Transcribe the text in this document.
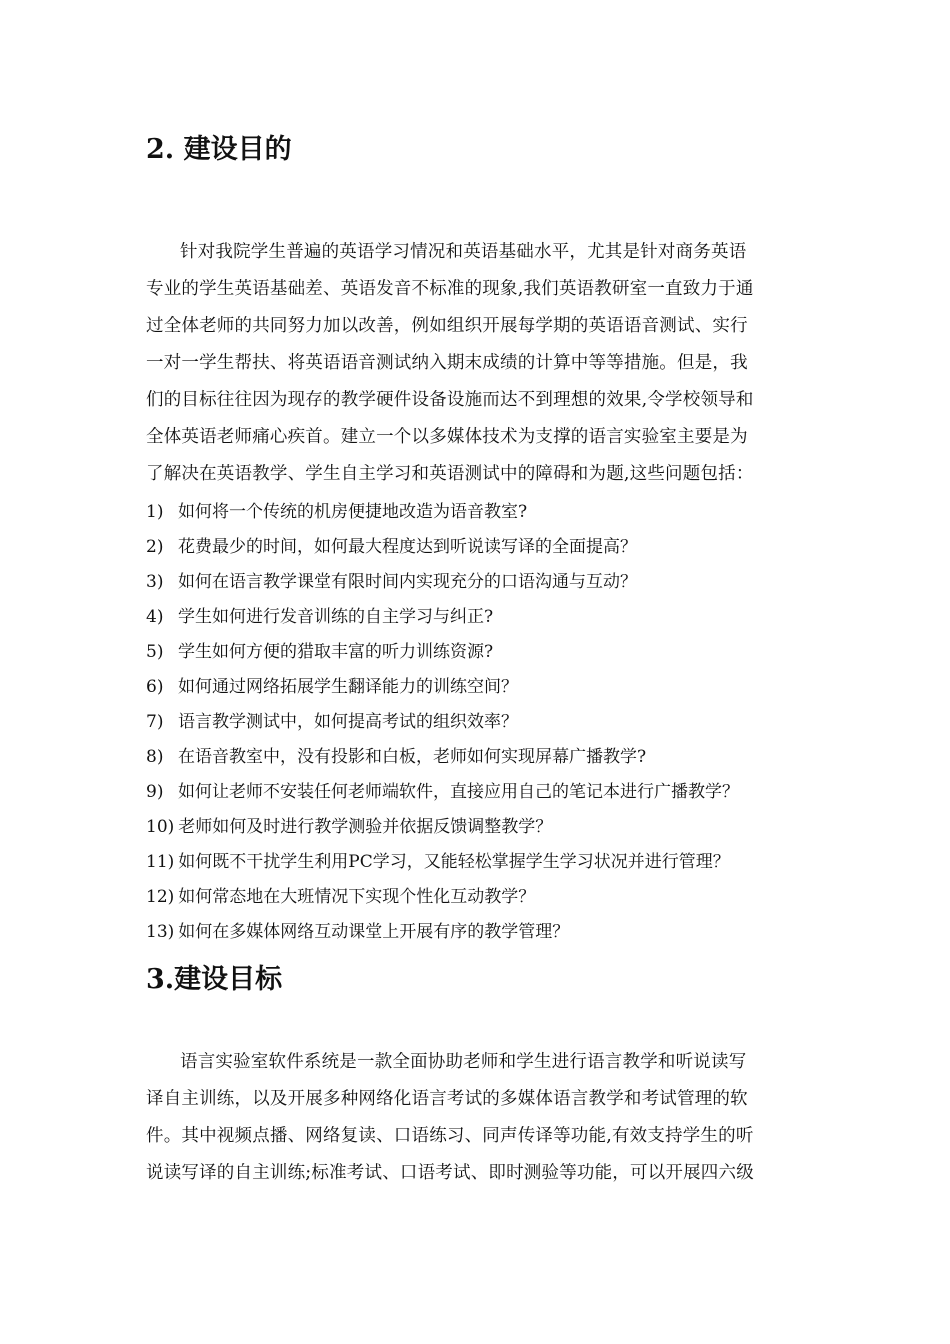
2. 建设目的
针对我院学生普遍的英语学习情况和英语基础水平，尤其是针对商务英语
专业的学生英语基础差、英语发音不标准的现象,我们英语教研室一直致力于通
过全体老师的共同努力加以改善，例如组织开展每学期的英语语音测试、实行
一对一学生帮扶、将英语语音测试纳入期末成绩的计算中等等措施。但是，我
们的目标往往因为现存的教学硬件设备设施而达不到理想的效果,令学校领导和
全体英语老师痛心疾首。建立一个以多媒体技术为支撑的语言实验室主要是为
了解决在英语教学、学生自主学习和英语测试中的障碍和为题,这些问题包括：
1) 如何将一个传统的机房便捷地改造为语音教室?
2) 花费最少的时间，如何最大程度达到听说读写译的全面提高？
3) 如何在语言教学课堂有限时间内实现充分的口语沟通与互动？
4) 学生如何进行发音训练的自主学习与纠正?
5) 学生如何方便的猎取丰富的听力训练资源?
6) 如何通过网络拓展学生翻译能力的训练空间？
7) 语言教学测试中，如何提高考试的组织效率？
8) 在语音教室中，没有投影和白板，老师如何实现屏幕广播教学?
9) 如何让老师不安装任何老师端软件，直接应用自己的笔记本进行广播教学？
10) 老师如何及时进行教学测验并依据反馈调整教学？
11) 如何既不干扰学生利用PC学习，又能轻松掌握学生学习状况并进行管理？
12) 如何常态地在大班情况下实现个性化互动教学？
13) 如何在多媒体网络互动课堂上开展有序的教学管理？
3.建设目标
语言实验室软件系统是一款全面协助老师和学生进行语言教学和听说读写
译自主训练，以及开展多种网络化语言考试的多媒体语言教学和考试管理的软
件。其中视频点播、网络复读、口语练习、同声传译等功能,有效支持学生的听
说读写译的自主训练;标准考试、口语考试、即时测验等功能，可以开展四六级
